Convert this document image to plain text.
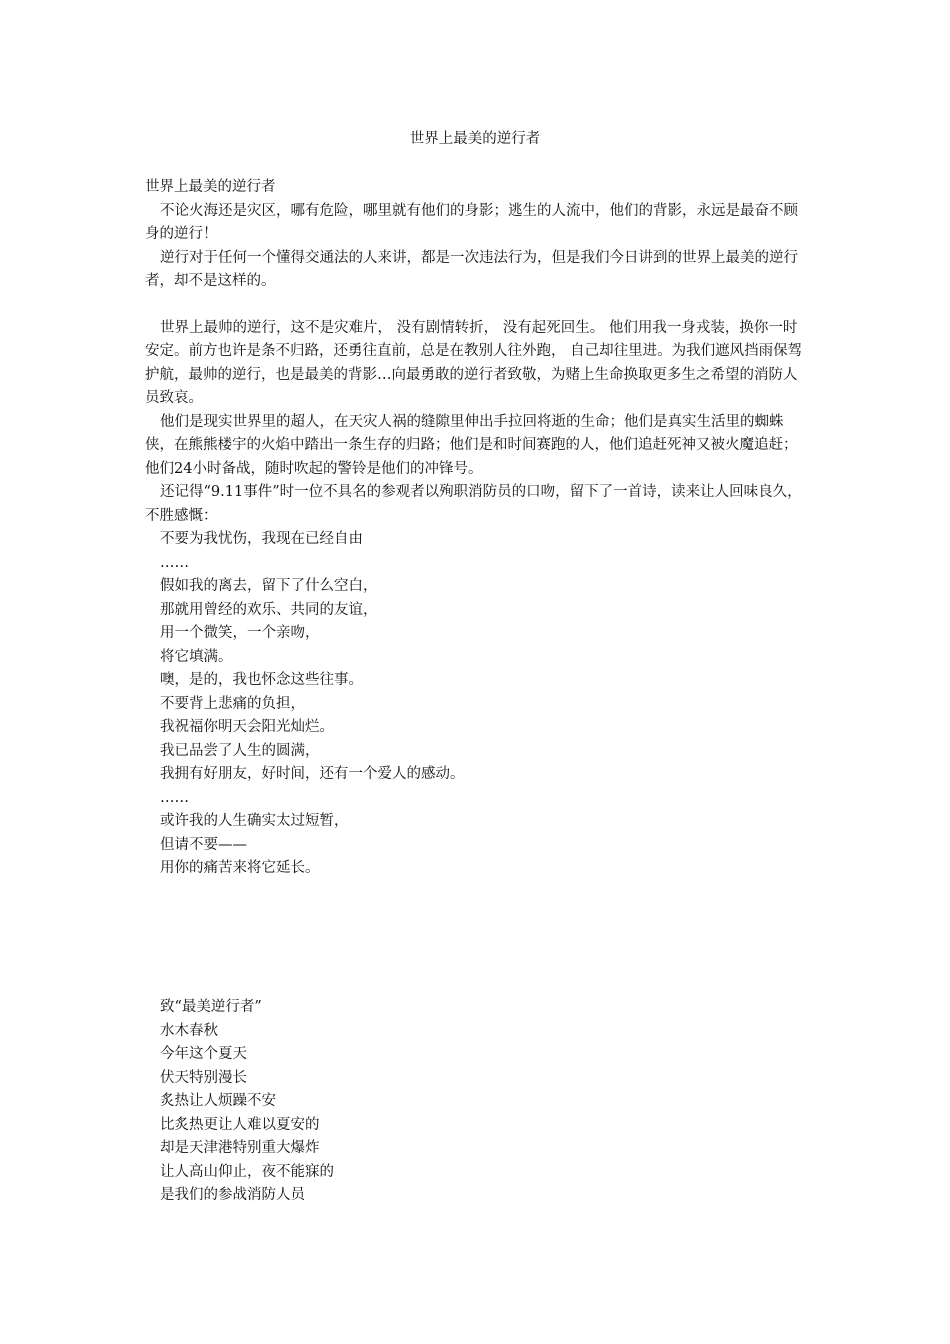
世界上最美的逆行者

世界上最美的逆行者

不论火海还是灾区，哪有危险，哪里就有他们的身影；逃生的人流中，他们的背影，永远是最奋不顾身的逆行！

逆行对于任何一个懂得交通法的人来讲，都是一次违法行为，但是我们今日讲到的世界上最美的逆行者，却不是这样的。

世界上最帅的逆行，这不是灾难片， 没有剧情转折， 没有起死回生。 他们用我一身戎装，换你一时安定。前方也许是条不归路，还勇往直前，总是在教别人往外跑， 自己却往里进。为我们遮风挡雨保驾护航，最帅的逆行，也是最美的背影…向最勇敢的逆行者致敬，为赌上生命换取更多生之希望的消防人员致哀。

他们是现实世界里的超人，在天灾人祸的缝隙里伸出手拉回将逝的生命；他们是真实生活里的蜘蛛侠，在熊熊楼宇的火焰中踏出一条生存的归路；他们是和时间赛跑的人，他们追赶死神又被火魔追赶；他们24小时备战，随时吹起的警铃是他们的冲锋号。

还记得“9.11事件”时一位不具名的参观者以殉职消防员的口吻，留下了一首诗，读来让人回味良久，不胜感慨：

不要为我忧伤，我现在已经自由

……

假如我的离去，留下了什么空白，

那就用曾经的欢乐、共同的友谊，

用一个微笑，一个亲吻，

将它填满。

噢，是的，我也怀念这些往事。

不要背上悲痛的负担，

我祝福你明天会阳光灿烂。

我已品尝了人生的圆满，

我拥有好朋友，好时间，还有一个爱人的感动。

……

或许我的人生确实太过短暂，

但请不要——

用你的痛苦来将它延长。

致“最美逆行者”

水木春秋

今年这个夏天

伏天特别漫长

炙热让人烦躁不安

比炙热更让人难以夏安的

却是天津港特别重大爆炸

让人高山仰止，夜不能寐的

是我们的参战消防人员
